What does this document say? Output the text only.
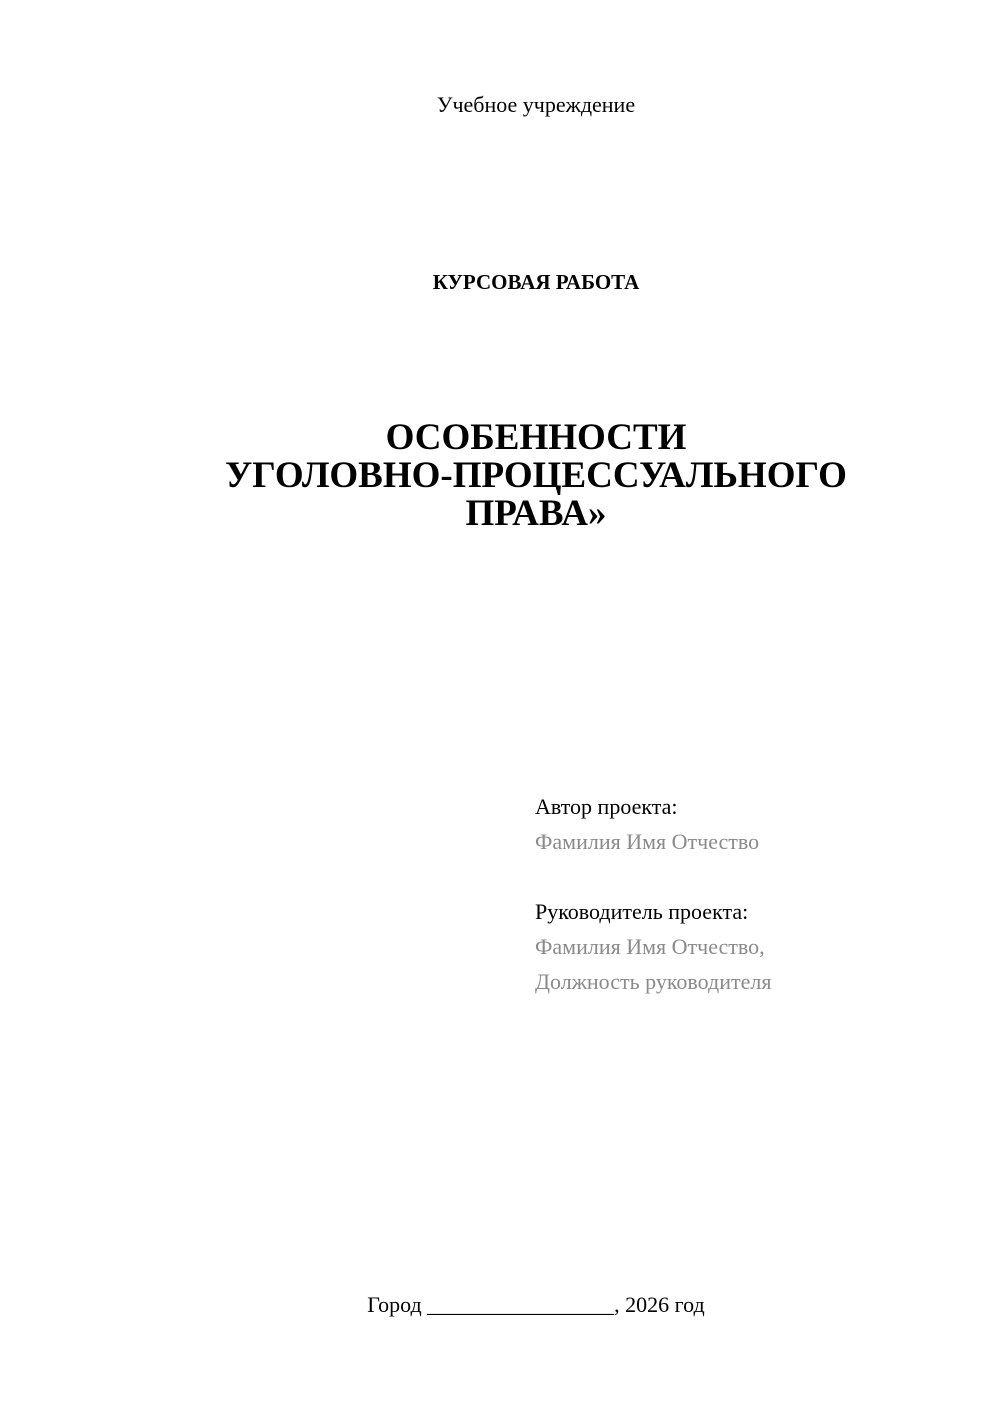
Учебное учреждение
КУРСОВАЯ РАБОТА
ОСОБЕННОСТИ
УГОЛОВНО-ПРОЦЕССУАЛЬНОГО
ПРАВА»
Автор проекта:
Фамилия Имя Отчество
Руководитель проекта:
Фамилия Имя Отчество,
Должность руководителя
Город _________________, 2026 год
